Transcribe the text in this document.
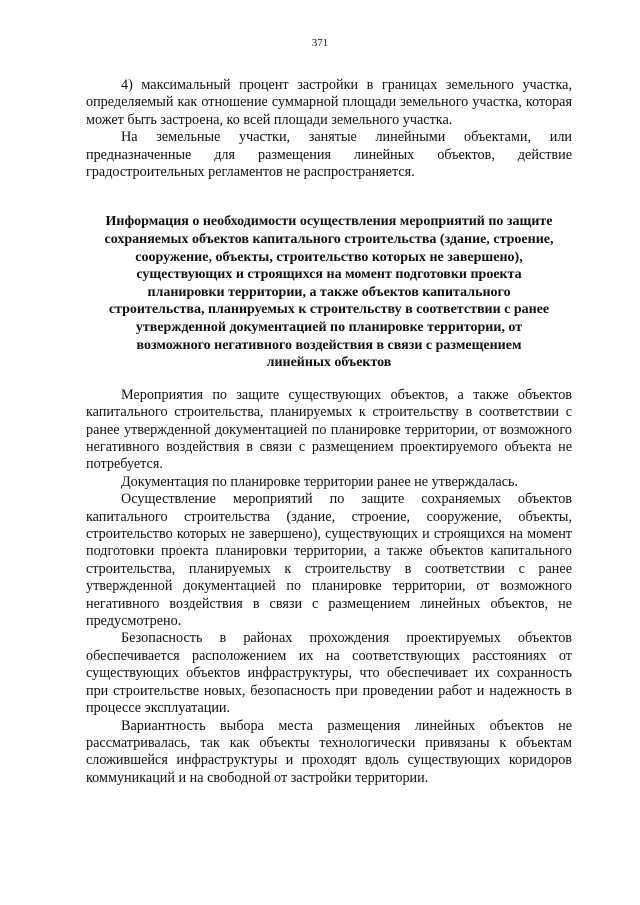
371

4) максимальный процент застройки в границах земельного участка, определяемый как отношение суммарной площади земельного участка, которая может быть застроена, ко всей площади земельного участка.

На земельные участки, занятые линейными объектами, или предназначенные для размещения линейных объектов, действие градостроительных регламентов не распространяется.

Информация о необходимости осуществления мероприятий по защите
сохраняемых объектов капитального строительства (здание, строение,
сооружение, объекты, строительство которых не завершено),
существующих и строящихся на момент подготовки проекта
планировки территории, а также объектов капитального
строительства, планируемых к строительству в соответствии с ранее
утвержденной документацией по планировке территории, от
возможного негативного воздействия в связи с размещением
линейных объектов

Мероприятия по защите существующих объектов, а также объектов капитального строительства, планируемых к строительству в соответствии с ранее утвержденной документацией по планировке территории, от возможного негативного воздействия в связи с размещением проектируемого объекта не потребуется.

Документация по планировке территории ранее не утверждалась.

Осуществление мероприятий по защите сохраняемых объектов капитального строительства (здание, строение, сооружение, объекты, строительство которых не завершено), существующих и строящихся на момент подготовки проекта планировки территории, а также объектов капитального строительства, планируемых к строительству в соответствии с ранее утвержденной документацией по планировке территории, от возможного негативного воздействия в связи с размещением линейных объектов, не предусмотрено.

Безопасность в районах прохождения проектируемых объектов обеспечивается расположением их на соответствующих расстояниях от существующих объектов инфраструктуры, что обеспечивает их сохранность при строительстве новых, безопасность при проведении работ и надежность в процессе эксплуатации.

Вариантность выбора места размещения линейных объектов не рассматривалась, так как объекты технологически привязаны к объектам сложившейся инфраструктуры и проходят вдоль существующих коридоров коммуникаций и на свободной от застройки территории.
